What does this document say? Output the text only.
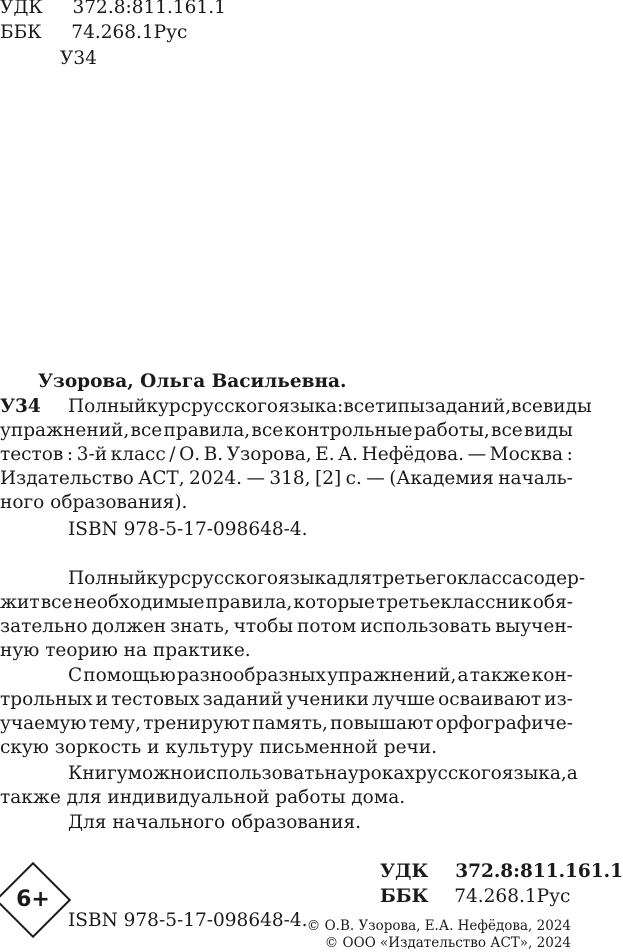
УДК 372.8:811.161.1
ББК 74.268.1Рус
У34
Узорова, Ольга Васильевна.
У34 Полный курс русского языка : все типы заданий, все виды
упражнений, все правила, все контрольные работы, все виды
тестов : 3-й класс / О. В. Узорова, Е. А. Нефёдова. — Москва :
Издательство АСТ, 2024. — 318, [2] с. — (Академия началь-
ного образования).
ISBN 978-5-17-098648-4.
Полный курс русского языка для третьего класса содер-
жит все необходимые правила, которые третьеклассник обя-
зательно должен знать, чтобы потом использовать выучен-
ную теорию на практике.
С помощью разнообразных упражнений, а также кон-
трольных и тестовых заданий ученики лучше осваивают из-
учаемую тему, тренируют память, повышают орфографиче-
скую зоркость и культуру письменной речи.
Книгу можно использовать на уроках русского языка, а
также для индивидуальной работы дома.
Для начального образования.
УДК 372.8:811.161.1
ББК 74.268.1Рус
ISBN 978-5-17-098648-4.
6+
© О.В. Узорова, Е.А. Нефёдова, 2024
© ООО «Издательство АСТ», 2024
